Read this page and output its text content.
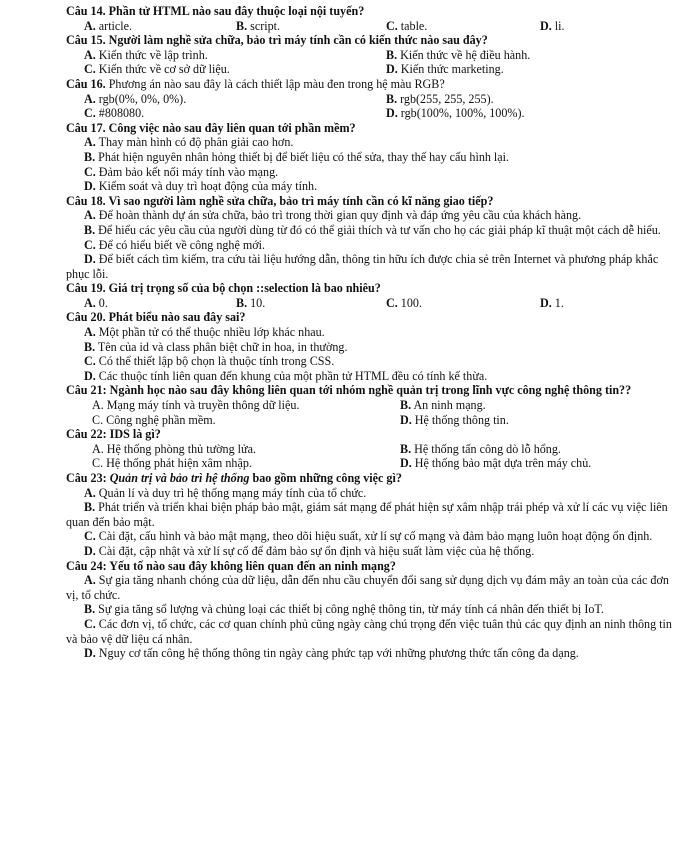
Câu 14. Phần tử HTML nào sau đây thuộc loại nội tuyến?

A. article.	B. script.	C. table.	D. li.

Câu 15. Người làm nghề sửa chữa, bảo trì máy tính cần có kiến thức nào sau đây?

A. Kiến thức về lập trình.	B. Kiến thức về hệ điều hành.
C. Kiến thức về cơ sở dữ liệu.	D. Kiến thức marketing.

Câu 16. Phương án nào sau đây là cách thiết lập màu đen trong hệ màu RGB?

A. rgb(0%, 0%, 0%).	B. rgb(255, 255, 255).
C. #808080.	D. rgb(100%, 100%, 100%).

Câu 17. Công việc nào sau đây liên quan tới phần mềm?

A. Thay màn hình có độ phân giải cao hơn.

B. Phát hiện nguyên nhân hỏng thiết bị để biết liệu có thể sửa, thay thế hay cấu hình lại.

C. Đảm bảo kết nối máy tính vào mạng.

D. Kiểm soát và duy trì hoạt động của máy tính.

Câu 18. Vì sao người làm nghề sửa chữa, bảo trì máy tính cần có kĩ năng giao tiếp?

A. Để hoàn thành dự án sửa chữa, bảo trì trong thời gian quy định và đáp ứng yêu cầu của khách hàng.

B. Để hiểu các yêu cầu của người dùng từ đó có thể giải thích và tư vấn cho họ các giải pháp kĩ thuật một cách dễ hiểu.

C. Để có hiểu biết về công nghệ mới.

D. Để biết cách tìm kiếm, tra cứu tài liệu hướng dẫn, thông tin hữu ích được chia sẻ trên Internet và phương pháp khắc phục lỗi.

Câu 19. Giá trị trọng số của bộ chọn ::selection là bao nhiêu?

A. 0.	B. 10.	C. 100.	D. 1.

Câu 20. Phát biểu nào sau đây sai?

A. Một phần tử có thể thuộc nhiều lớp khác nhau.

B. Tên của id và class phân biệt chữ in hoa, in thường.

C. Có thể thiết lập bộ chọn là thuộc tính trong CSS.

D. Các thuộc tính liên quan đến khung của một phần tử HTML đều có tính kế thừa.

Câu 21: Ngành học nào sau đây không liên quan tới nhóm nghề quản trị trong lĩnh vực công nghệ thông tin??

A. Mạng máy tính và truyền thông dữ liệu.	B. An ninh mạng.
C. Công nghệ phần mềm.	D. Hệ thống thông tin.

Câu 22: IDS là gì?

A. Hệ thống phòng thủ tường lửa.	B. Hệ thống tấn công dò lỗ hổng.
C. Hệ thống phát hiện xâm nhập.	D. Hệ thống bảo mật dựa trên máy chủ.

Câu 23: Quản trị và bảo trì hệ thống bao gồm những công việc gì?

A. Quản lí và duy trì hệ thống mạng máy tính của tổ chức.

B. Phát triển và triển khai biện pháp bảo mật, giám sát mạng để phát hiện sự xâm nhập trái phép và xử lí các vụ việc liên quan đến bảo mật.

C. Cài đặt, cấu hình và bảo mật mạng, theo dõi hiệu suất, xử lí sự cố mạng và đảm bảo mạng luôn hoạt động ổn định.

D. Cài đặt, cập nhật và xử lí sự cố để đảm bảo sự ổn định và hiệu suất làm việc của hệ thống.

Câu 24: Yếu tố nào sau đây không liên quan đến an ninh mạng?

A. Sự gia tăng nhanh chóng của dữ liệu, dẫn đến nhu cầu chuyển đổi sang sử dụng dịch vụ đám mây an toàn của các đơn vị, tổ chức.

B. Sự gia tăng số lượng và chủng loại các thiết bị công nghệ thông tin, từ máy tính cá nhân đến thiết bị IoT.

C. Các đơn vị, tổ chức, các cơ quan chính phủ cũng ngày càng chú trọng đến việc tuân thủ các quy định an ninh thông tin và bảo vệ dữ liệu cá nhân.

D. Nguy cơ tấn công hệ thống thông tin ngày càng phức tạp với những phương thức tấn công đa dạng.
